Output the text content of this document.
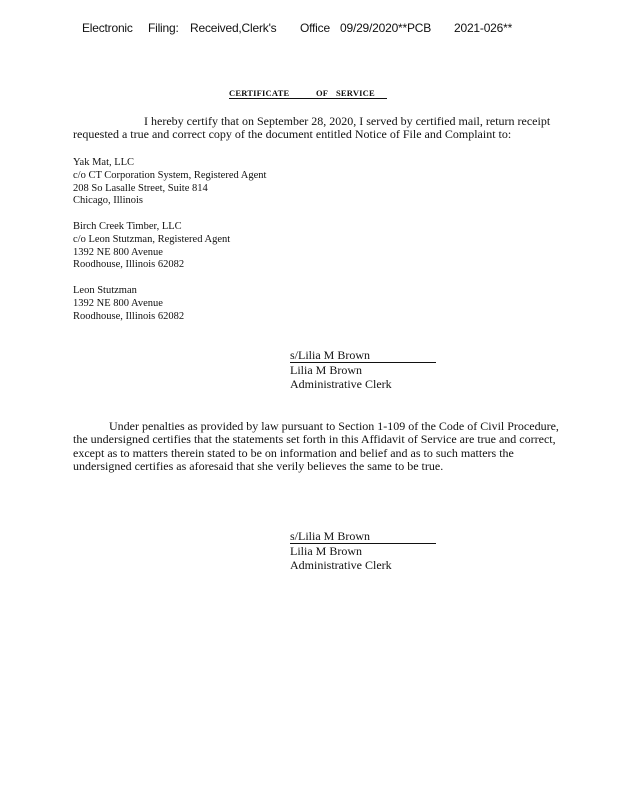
Electronic

Filing:

Received,Clerk's

Office

09/29/2020**PCB

2021-026**

CERTIFICATE	OF SERVICE

I hereby certify that on September 28, 2020, I served by certified mail, return receipt requested a true and correct copy of the document entitled Notice of File and Complaint to:
Yak Mat, LLC
c/o CT Corporation System, Registered Agent
208 So Lasalle Street, Suite 814
Chicago, Illinois
Birch Creek Timber, LLC
c/o Leon Stutzman, Registered Agent
1392 NE 800 Avenue
Roodhouse, Illinois 62082
Leon Stutzman
1392 NE 800 Avenue
Roodhouse, Illinois 62082
s/Lilia M Brown
Lilia M Brown
Administrative Clerk
Under penalties as provided by law pursuant to Section 1-109 of the Code of Civil Procedure, the undersigned certifies that the statements set forth in this Affidavit of Service are true and correct, except as to matters therein stated to be on information and belief and as to such matters the undersigned certifies as aforesaid that she verily believes the same to be true.
s/Lilia M Brown
Lilia M Brown
Administrative Clerk
